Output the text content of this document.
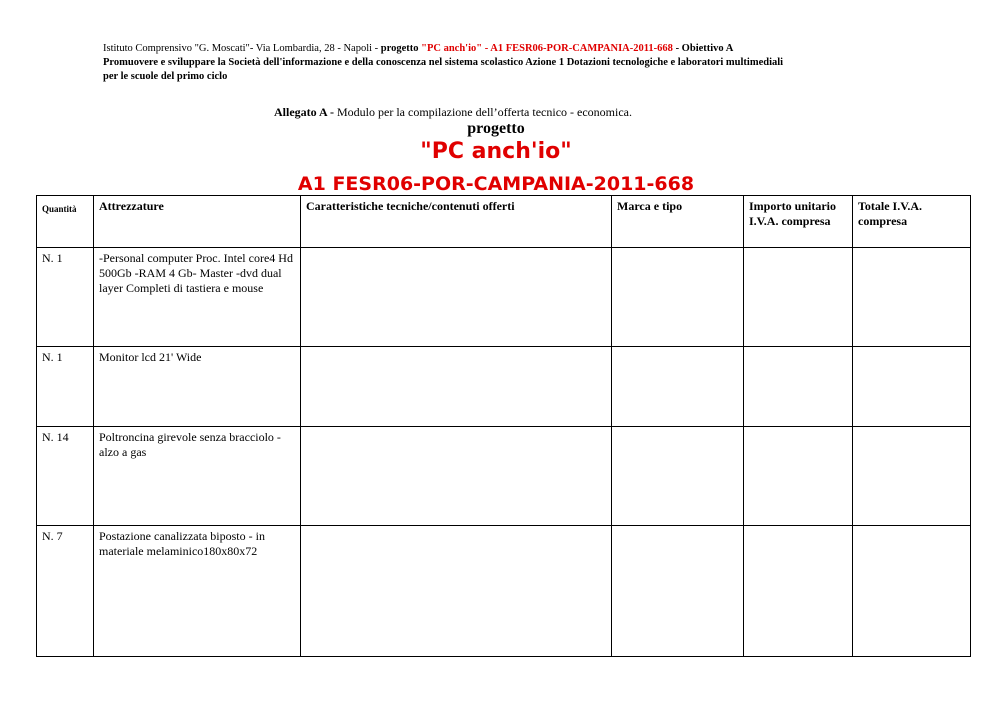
Istituto Comprensivo "G. Moscati"- Via Lombardia, 28 - Napoli - progetto "PC anch'io" - A1 FESR06-POR-CAMPANIA-2011-668 - Obiettivo A
Promuovere e sviluppare la Società dell'informazione e della conoscenza nel sistema scolastico Azione 1 Dotazioni tecnologiche e laboratori multimediali
per le scuole del primo ciclo
Allegato A - Modulo per la compilazione dell’offerta tecnico - economica.
progetto
"PC anch'io"
A1 FESR06-POR-CAMPANIA-2011-668
Quantità	Attrezzature	Caratteristiche tecniche/contenuti offerti	Marca e tipo	Importo unitario I.V.A. compresa	Totale I.V.A. compresa
N. 1	-Personal computer Proc. Intel core4 Hd 500Gb -RAM 4 Gb- Master -dvd dual layer Completi di tastiera e mouse				
N. 1	Monitor lcd 21' Wide				
N. 14	Poltroncina girevole senza bracciolo - alzo a gas				
N. 7	Postazione canalizzata biposto - in materiale melaminico180x80x72				
